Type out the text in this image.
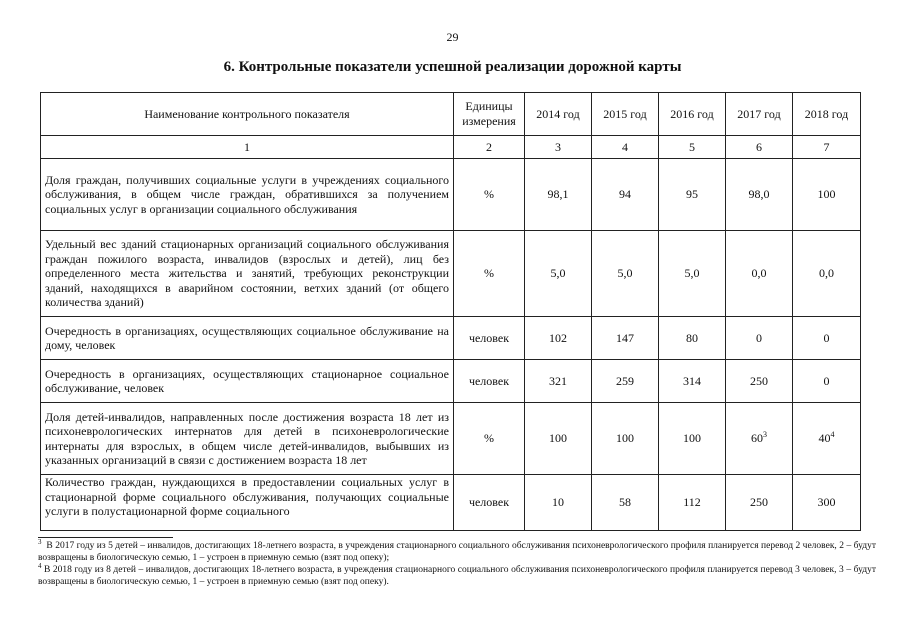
29
6. Контрольные показатели успешной реализации дорожной карты
Наименование контрольного показателя	Единицы измерения	2014 год	2015 год	2016 год	2017 год	2018 год
1	2	3	4	5	6	7
Доля граждан, получивших социальные услуги в учреждениях социального обслуживания, в общем числе граждан, обратившихся за получением социальных услуг в организации социального обслуживания	%	98,1	94	95	98,0	100
Удельный вес зданий стационарных организаций социального обслуживания граждан пожилого возраста, инвалидов (взрослых и детей), лиц без определенного места жительства и занятий, требующих реконструкции зданий, находящихся в аварийном состоянии, ветхих зданий (от общего количества зданий)	%	5,0	5,0	5,0	0,0	0,0
Очередность в организациях, осуществляющих социальное обслуживание на дому, человек	человек	102	147	80	0	0
Очередность в организациях, осуществляющих стационарное социальное обслуживание, человек	человек	321	259	314	250	0
Доля детей-инвалидов, направленных после достижения возраста 18 лет из психоневрологических интернатов для детей в психоневрологические интернаты для взрослых, в общем числе детей-инвалидов, выбывших из указанных организаций в связи с достижением возраста 18 лет	%	100	100	100	$60^3$	$40^4$
Количество граждан, нуждающихся в предоставлении социальных услуг в стационарной форме социального обслуживания, получающих социальные услуги в полустационарной форме социального	человек	10	58	112	250	300

$^3$ В 2017 году из 5 детей – инвалидов, достигающих 18-летнего возраста, в учреждения стационарного социального обслуживания психоневрологического профиля планируется перевод 2 человек, 2 – будут возвращены в биологическую семью, 1 – устроен в приемную семью (взят под опеку);

$^4$ В 2018 году из 8 детей – инвалидов, достигающих 18-летнего возраста, в учреждения стационарного социального обслуживания психоневрологического профиля планируется перевод 3 человек, 3 – будут возвращены в биологическую семью, 1 – устроен в приемную семью (взят под опеку).
